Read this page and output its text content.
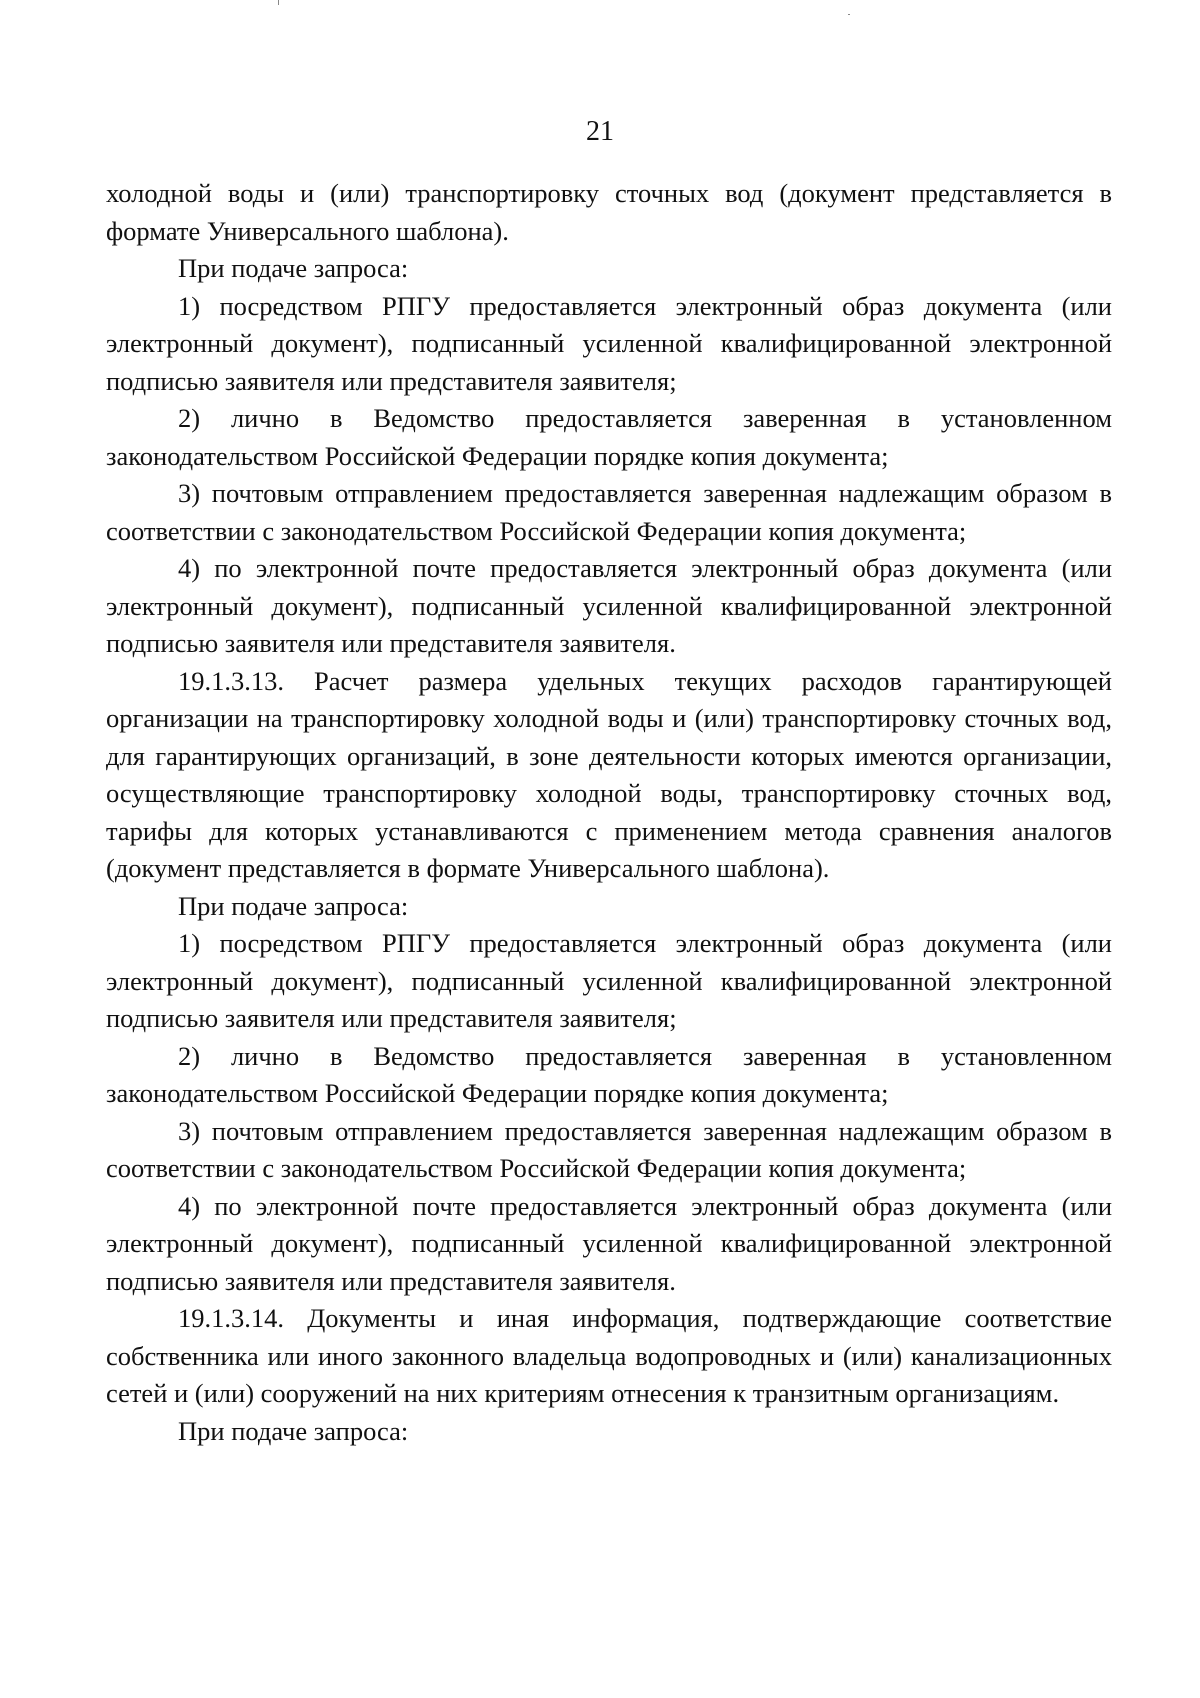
21

холодной воды и (или) транспортировку сточных вод (документ представляется в формате Универсального шаблона).

При подаче запроса:

1) посредством РПГУ предоставляется электронный образ документа (или электронный документ), подписанный усиленной квалифицированной электронной подписью заявителя или представителя заявителя;

2) лично в Ведомство предоставляется заверенная в установленном законодательством Российской Федерации порядке копия документа;

3) почтовым отправлением предоставляется заверенная надлежащим образом в соответствии с законодательством Российской Федерации копия документа;

4) по электронной почте предоставляется электронный образ документа (или электронный документ), подписанный усиленной квалифицированной электронной подписью заявителя или представителя заявителя.

19.1.3.13. Расчет размера удельных текущих расходов гарантирующей организации на транспортировку холодной воды и (или) транспортировку сточных вод, для гарантирующих организаций, в зоне деятельности которых имеются организации, осуществляющие транспортировку холодной воды, транспортировку сточных вод, тарифы для которых устанавливаются с применением метода сравнения аналогов (документ представляется в формате Универсального шаблона).

При подаче запроса:

1) посредством РПГУ предоставляется электронный образ документа (или электронный документ), подписанный усиленной квалифицированной электронной подписью заявителя или представителя заявителя;

2) лично в Ведомство предоставляется заверенная в установленном законодательством Российской Федерации порядке копия документа;

3) почтовым отправлением предоставляется заверенная надлежащим образом в соответствии с законодательством Российской Федерации копия документа;

4) по электронной почте предоставляется электронный образ документа (или электронный документ), подписанный усиленной квалифицированной электронной подписью заявителя или представителя заявителя.

19.1.3.14. Документы и иная информация, подтверждающие соответствие собственника или иного законного владельца водопроводных и (или) канализационных сетей и (или) сооружений на них критериям отнесения к транзитным организациям.

При подаче запроса:
